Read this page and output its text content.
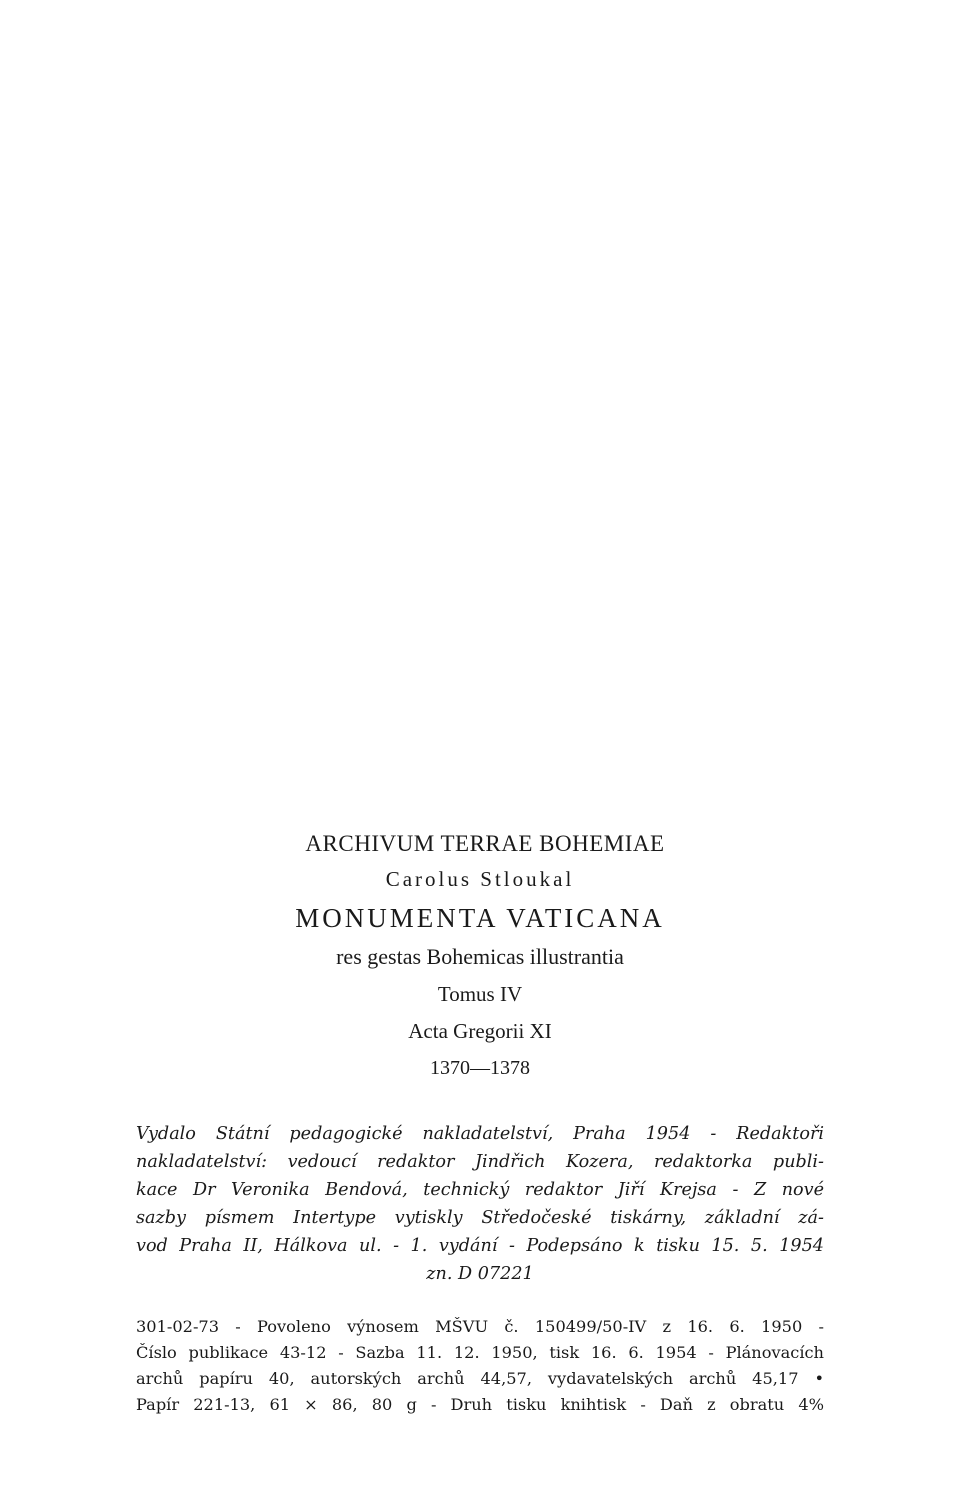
ARCHIVUM TERRAE BOHEMIAE
Carolus Stloukal
MONUMENTA VATICANA
res gestas Bohemicas illustrantia
Tomus IV
Acta Gregorii XI
1370—1378
Vydalo Státní pedagogické nakladatelství, Praha 1954 - Redaktoři
nakladatelství: vedoucí redaktor Jindřich Kozera, redaktorka publi-
kace Dr Veronika Bendová, technický redaktor Jiří Krejsa - Z nové
sazby písmem Intertype vytiskly Středočeské tiskárny, základní zá-
vod Praha II, Hálkova ul. - 1. vydání - Podepsáno k tisku 15. 5. 1954
zn. D 07221
301-02-73 - Povoleno výnosem MŠVU č. 150499/50-IV z 16. 6. 1950 -
Číslo publikace 43-12 - Sazba 11. 12. 1950, tisk 16. 6. 1954 - Plánovacích
archů papíru 40, autorských archů 44,57, vydavatelských archů 45,17 •
Papír 221-13, 61 × 86, 80 g - Druh tisku knihtisk - Daň z obratu 4%
